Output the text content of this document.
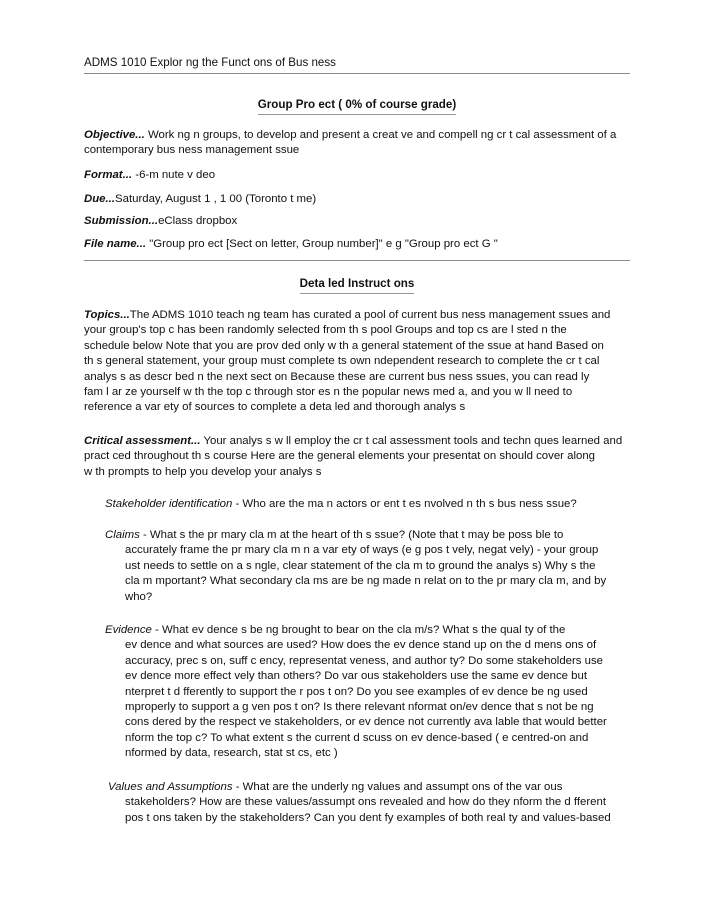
ADMS 1010 Explor ng the Funct ons of Bus ness
Group Pro ect ( 0% of course grade)
Objective... Work ng n groups, to develop and present a creat ve and compell ng cr t cal assessment of a
contemporary bus ness management ssue
Format... -6-m nute v deo
Due...Saturday, August 1 , 1 00 (Toronto t me)
Submission...eClass dropbox
File name... "Group pro ect [Sect on letter, Group number]" e g "Group pro ect G "
Deta led Instruct ons
Topics...The ADMS 1010 teach ng team has curated a pool of current bus ness management ssues and
your group's top c has been randomly selected from th s pool Groups and top cs are l sted n the
schedule below Note that you are prov ded only w th a general statement of the ssue at hand Based on
th s general statement, your group must complete ts own ndependent research to complete the cr t cal
analys s as descr bed n the next sect on Because these are current bus ness ssues, you can read ly
fam l ar ze yourself w th the top c through stor es n the popular news med a, and you w ll need to
reference a var ety of sources to complete a deta led and thorough analys s
Critical assessment... Your analys s w ll employ the cr t cal assessment tools and techn ques learned and
pract ced throughout th s course Here are the general elements your presentat on should cover along
w th prompts to help you develop your analys s
Stakeholder identiﬁcation - Who are the ma n actors or ent t es nvolved n th s bus ness ssue?
Claims - What s the pr mary cla m at the heart of th s ssue? (Note that t may be poss ble to

accurately frame the pr mary cla m n a var ety of ways (e g pos t vely, negat vely) - your group
ust needs to settle on a s ngle, clear statement of the cla m to ground the analys s) Why s the
cla m mportant? What secondary cla ms are be ng made n relat on to the pr mary cla m, and by
who?
Evidence - What ev dence s be ng brought to bear on the cla m/s? What s the qual ty of the

ev dence and what sources are used? How does the ev dence stand up on the d mens ons of
accuracy, prec s on, suff c ency, representat veness, and author ty? Do some stakeholders use
ev dence more effect vely than others? Do var ous stakeholders use the same ev dence but
nterpret t d fferently to support the r pos t on? Do you see examples of ev dence be ng used
mproperly to support a g ven pos t on? Is there relevant nformat on/ev dence that s not be ng
cons dered by the respect ve stakeholders, or ev dence not currently ava lable that would better
nform the top c? To what extent s the current d scuss on ev dence-based ( e centred-on and
nformed by data, research, stat st cs, etc )
Values and Assumptions - What are the underly ng values and assumpt ons of the var ous

stakeholders? How are these values/assumpt ons revealed and how do they nform the d fferent
pos t ons taken by the stakeholders? Can you dent fy examples of both real ty and values-based
